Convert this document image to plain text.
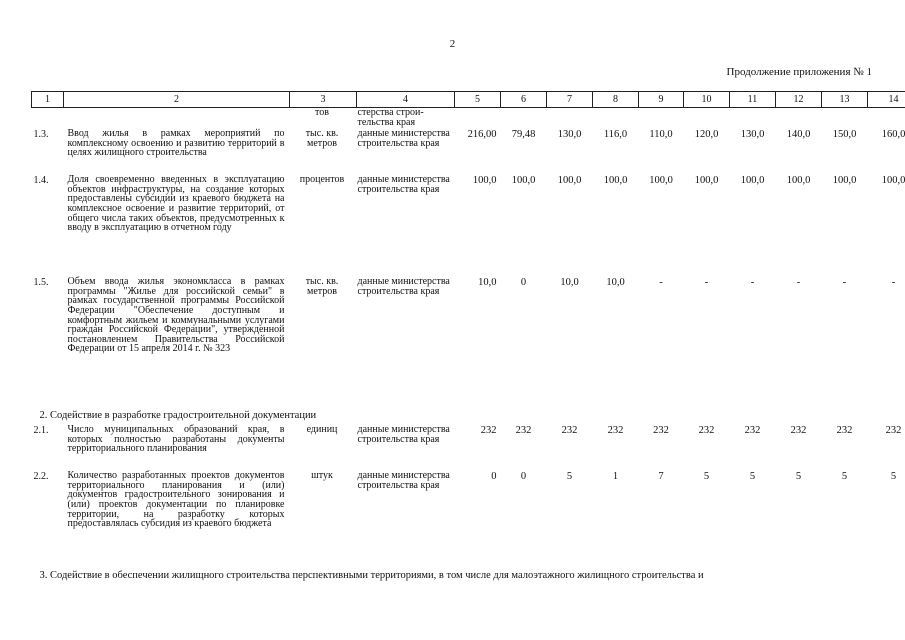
2
Продолжение приложения № 1
1	2	3	4	5	6	7	8	9	10	11	12	13	14
		тов	стерства строи-тельства края										
1.3.	Ввод жилья в рамках мероприятий по комплексному освоению и развитию территорий в целях жилищного строительства	тыс. кв. метров	данные министерства строительства края	216,00	79,48	130,0	116,0	110,0	120,0	130,0	140,0	150,0	160,0
1.4.	Доля своевременно введенных в эксплуатацию объектов инфраструктуры, на создание которых предоставлены субсидии из краевого бюджета на комплексное освоение и развитие территорий, от общего числа таких объектов, предусмотренных к вводу в эксплуатацию в отчетном году	процентов	данные министерства строительства края	100,0	100,0	100,0	100,0	100,0	100,0	100,0	100,0	100,0	100,0
1.5.	Объем ввода жилья экономкласса в рамках программы "Жилье для российской семьи" в рамках государственной программы Российской Федерации "Обеспечение доступным и комфортным жильем и коммунальными услугами граждан Российской Федерации", утвержденной постановлением Правительства Российской Федерации от 15 апреля 2014 г. № 323	тыс. кв. метров	данные министерства строительства края	10,0	0	10,0	10,0	-	-	-	-	-	-
2. Содействие в разработке градостроительной документации													
2.1.	Число муниципальных образований края, в которых полностью разработаны документы территориального планирования	единиц	данные министерства строительства края	232	232	232	232	232	232	232	232	232	232
2.2.	Количество разработанных проектов документов территориального планирования и (или) документов градостроительного зонирования и (или) проектов документации по планировке территории, на разработку которых предоставлялась субсидия из краевого бюджета	штук	данные министерства строительства края	0	0	5	1	7	5	5	5	5	5
3. Содействие в обеспечении жилищного строительства перспективными территориями, в том числе для малоэтажного жилищного строительства и													
